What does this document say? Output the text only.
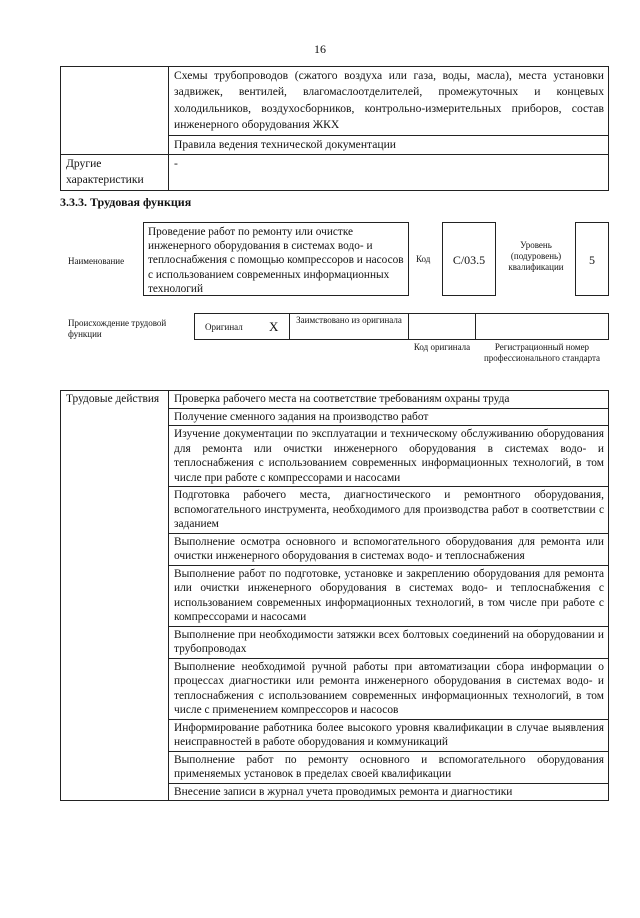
16
	Схемы трубопроводов (сжатого воздуха или газа, воды, масла), места установки задвижек, вентилей, влагомаслоотделителей, промежуточных и концевых холодильников, воздухосборников, контрольно-измерительных приборов, состав инженерного оборудования ЖКХ
	Правила ведения технической документации
Другие характеристики	-
3.3.3. Трудовая функция
Наименование
Проведение работ по ремонту или очистке инженерного оборудования в системах водо- и теплоснабжения с помощью компрессоров и насосов с использованием современных информационных технологий
Код	C/03.5
Уровень (подуровень) квалификации	5
Происхождение трудовой функции
Оригинал X	Заимствовано из оригинала
Код оригинала	Регистрационный номер профессионального стандарта
Трудовые действия	Проверка рабочего места на соответствие требованиям охраны труда
Получение сменного задания на производство работ
Изучение документации по эксплуатации и техническому обслуживанию оборудования для ремонта или очистки инженерного оборудования в системах водо- и теплоснабжения с использованием современных информационных технологий, в том числе при работе с компрессорами и насосами
Подготовка рабочего места, диагностического и ремонтного оборудования, вспомогательного инструмента, необходимого для производства работ в соответствии с заданием
Выполнение осмотра основного и вспомогательного оборудования для ремонта или очистки инженерного оборудования в системах водо- и теплоснабжения
Выполнение работ по подготовке, установке и закреплению оборудования для ремонта или очистки инженерного оборудования в системах водо- и теплоснабжения с использованием современных информационных технологий, в том числе при работе с компрессорами и насосами
Выполнение при необходимости затяжки всех болтовых соединений на оборудовании и трубопроводах
Выполнение необходимой ручной работы при автоматизации сбора информации о процессах диагностики или ремонта инженерного оборудования в системах водо- и теплоснабжения с использованием современных информационных технологий, в том числе с применением компрессоров и насосов
Информирование работника более высокого уровня квалификации в случае выявления неисправностей в работе оборудования и коммуникаций
Выполнение работ по ремонту основного и вспомогательного оборудования применяемых установок в пределах своей квалификации
Внесение записи в журнал учета проводимых ремонта и диагностики
